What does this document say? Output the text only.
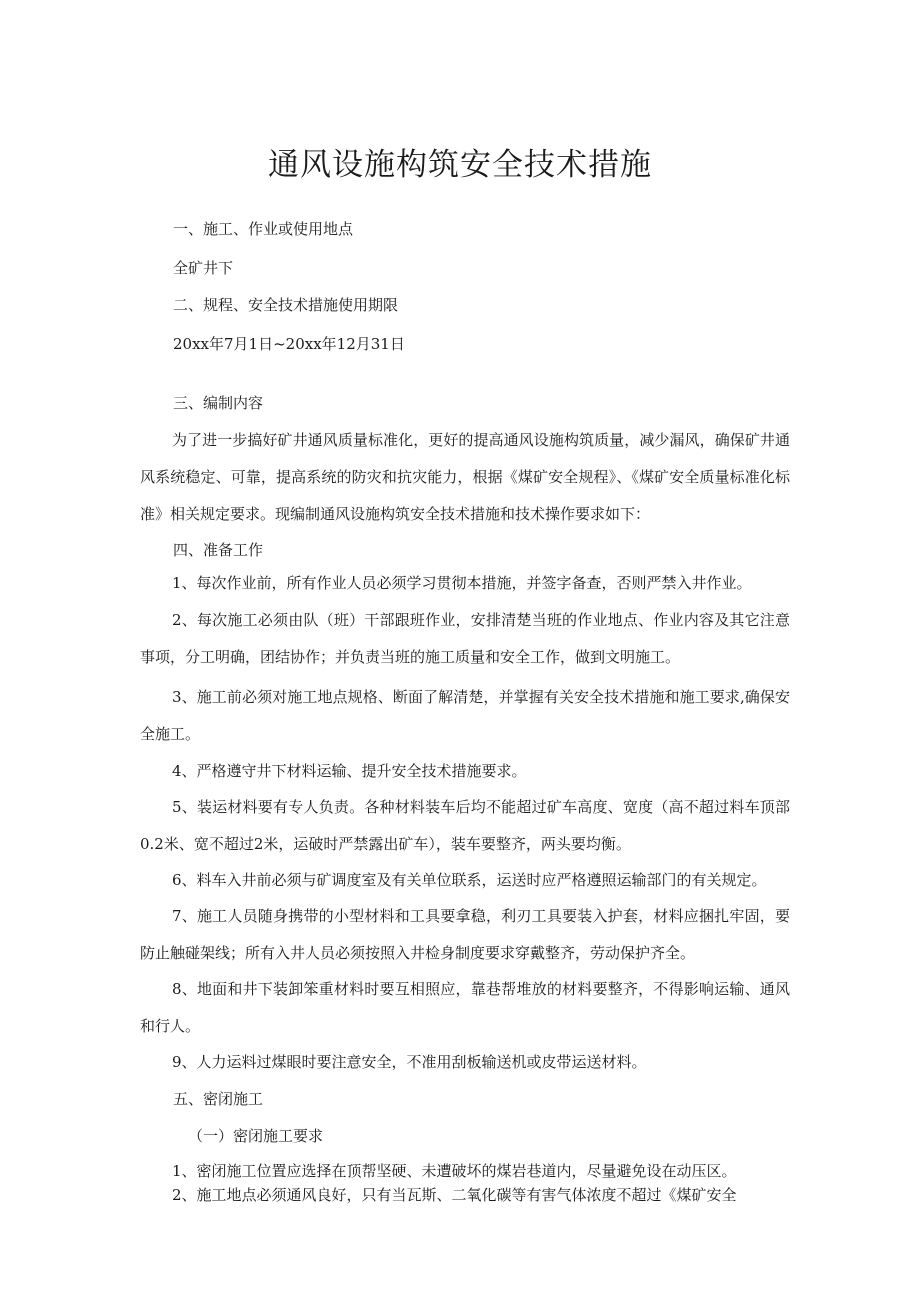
通风设施构筑安全技术措施
一、施工、作业或使用地点
全矿井下
二、规程、安全技术措施使用期限
20xx年7月1日~20xx年12月31日
三、编制内容
为了进一步搞好矿井通风质量标准化，更好的提高通风设施构筑质量，减少漏风，确保矿井通风系统稳定、可靠，提高系统的防灾和抗灾能力，根据《煤矿安全规程》、《煤矿安全质量标准化标准》相关规定要求。现编制通风设施构筑安全技术措施和技术操作要求如下：
四、准备工作
1、每次作业前，所有作业人员必须学习贯彻本措施，并签字备查，否则严禁入井作业。
2、每次施工必须由队（班）干部跟班作业，安排清楚当班的作业地点、作业内容及其它注意事项，分工明确，团结协作；并负责当班的施工质量和安全工作，做到文明施工。
3、施工前必须对施工地点规格、断面了解清楚，并掌握有关安全技术措施和施工要求,确保安全施工。
4、严格遵守井下材料运输、提升安全技术措施要求。
5、装运材料要有专人负责。各种材料装车后均不能超过矿车高度、宽度（高不超过料车顶部0.2米、宽不超过2米，运破时严禁露出矿车），装车要整齐，两头要均衡。
6、料车入井前必须与矿调度室及有关单位联系，运送时应严格遵照运输部门的有关规定。
7、施工人员随身携带的小型材料和工具要拿稳，利刃工具要装入护套，材料应捆扎牢固，要防止触碰架线；所有入井人员必须按照入井检身制度要求穿戴整齐，劳动保护齐全。
8、地面和井下装卸笨重材料时要互相照应，靠巷帮堆放的材料要整齐，不得影响运输、通风和行人。
9、人力运料过煤眼时要注意安全，不准用刮板输送机或皮带运送材料。
五、密闭施工
（一）密闭施工要求
1、密闭施工位置应选择在顶帮坚硬、未遭破坏的煤岩巷道内，尽量避免设在动压区。
2、施工地点必须通风良好，只有当瓦斯、二氧化碳等有害气体浓度不超过《煤矿安全
